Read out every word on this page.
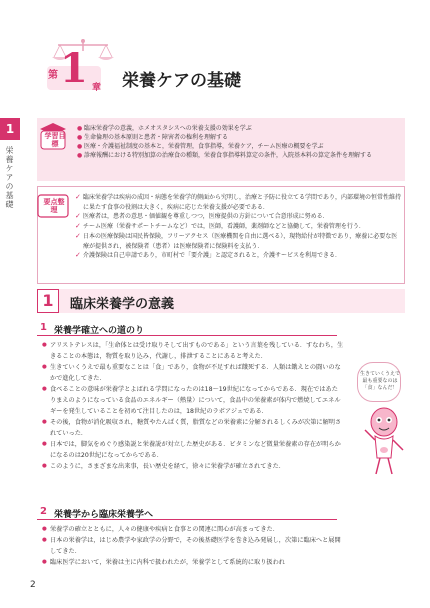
1
栄養ケアの基礎
第 1 章 栄養ケアの基礎
学習目標
● 臨床栄養学の意義，ホメオスタシスへの栄養支援の効果を学ぶ
● 生命倫理の基本原則と患者・障害者の権利を理解する
● 医療・介護福祉制度の基本と，栄養管理，食事指導，栄養ケア，チーム医療の概要を学ぶ
● 診療報酬における特別加算の治療食の種類，栄養食事指導料算定の条件，入院基本料の算定条件を理解する
要点整理
✓ 臨床栄養学は疾病の成因・病態を栄養学的側面から究明し，治療と予防に役立てる学問であり，内部環境の恒常性維持に果たす食事の役割は大きく，疾病に応じた栄養支援が必要である．
✓ 医療者は，患者の意思・価値観を尊重しつつ，医療提供の方針について合意形成に努める．
✓ チーム医療（栄養サポートチームなど）では，医師，看護師，薬剤師などと協働して，栄養管理を行う．
✓ 日本の医療保険は国民皆保険，フリーアクセス（医療機関を自由に選べる），現物給付が特徴であり，療養に必要な医療が提供され，被保険者（患者）は医療保険者に保険料を支払う．
✓ 介護保険は自己申請であり，市町村で「要介護」と認定されると，介護サービスを利用できる．
1	臨床栄養学の意義
1 栄養学確立への道のり
● アリストテレスは，「生命体とは受け取りそして出すものである」という言葉を残している．すなわち，生きることの本態は，物質を取り込み，代謝し，排泄することにあると考えた．
● 生きていくうえで最も重要なことは「食」であり，食物が不足すれば餓死する．人類は餓えとの闘いのなかで進化してきた．
● 食べることの意味が栄養学とよばれる学問になったのは18〜19世紀になってからである．現在ではあたりまえのようになっている食品のエネルギー（熱量）について，食品中の栄養素が体内で燃焼してエネルギーを発生していることを初めて注目したのは，18世紀のラボアジェである．
● その後，食物が消化吸収され，糖質やたんぱく質，脂質などの栄養素に分解されるしくみが次第に解明されていった．
● 日本では，脚気をめぐり感染説と栄養説が対立した歴史がある．ビタミンなど微量栄養素の存在が明らかになるのは20世紀になってからである．
● このように，さまざまな出来事，長い歴史を経て，徐々に栄養学が確立されてきた．
2 栄養学から臨床栄養学へ
● 栄養学の確立とともに，人々の健康や疾病と食事との関連に関心が高まってきた．
● 日本の栄養学は，はじめ農学や家政学の分野で，その後基礎医学を巻き込み発展し，次第に臨床へと展開してきた．
● 臨床医学において，栄養は主に内科で扱われたが，栄養学として系統的に取り扱われ
生きていくうえで最も重要なのは「食」なんだ！
2
